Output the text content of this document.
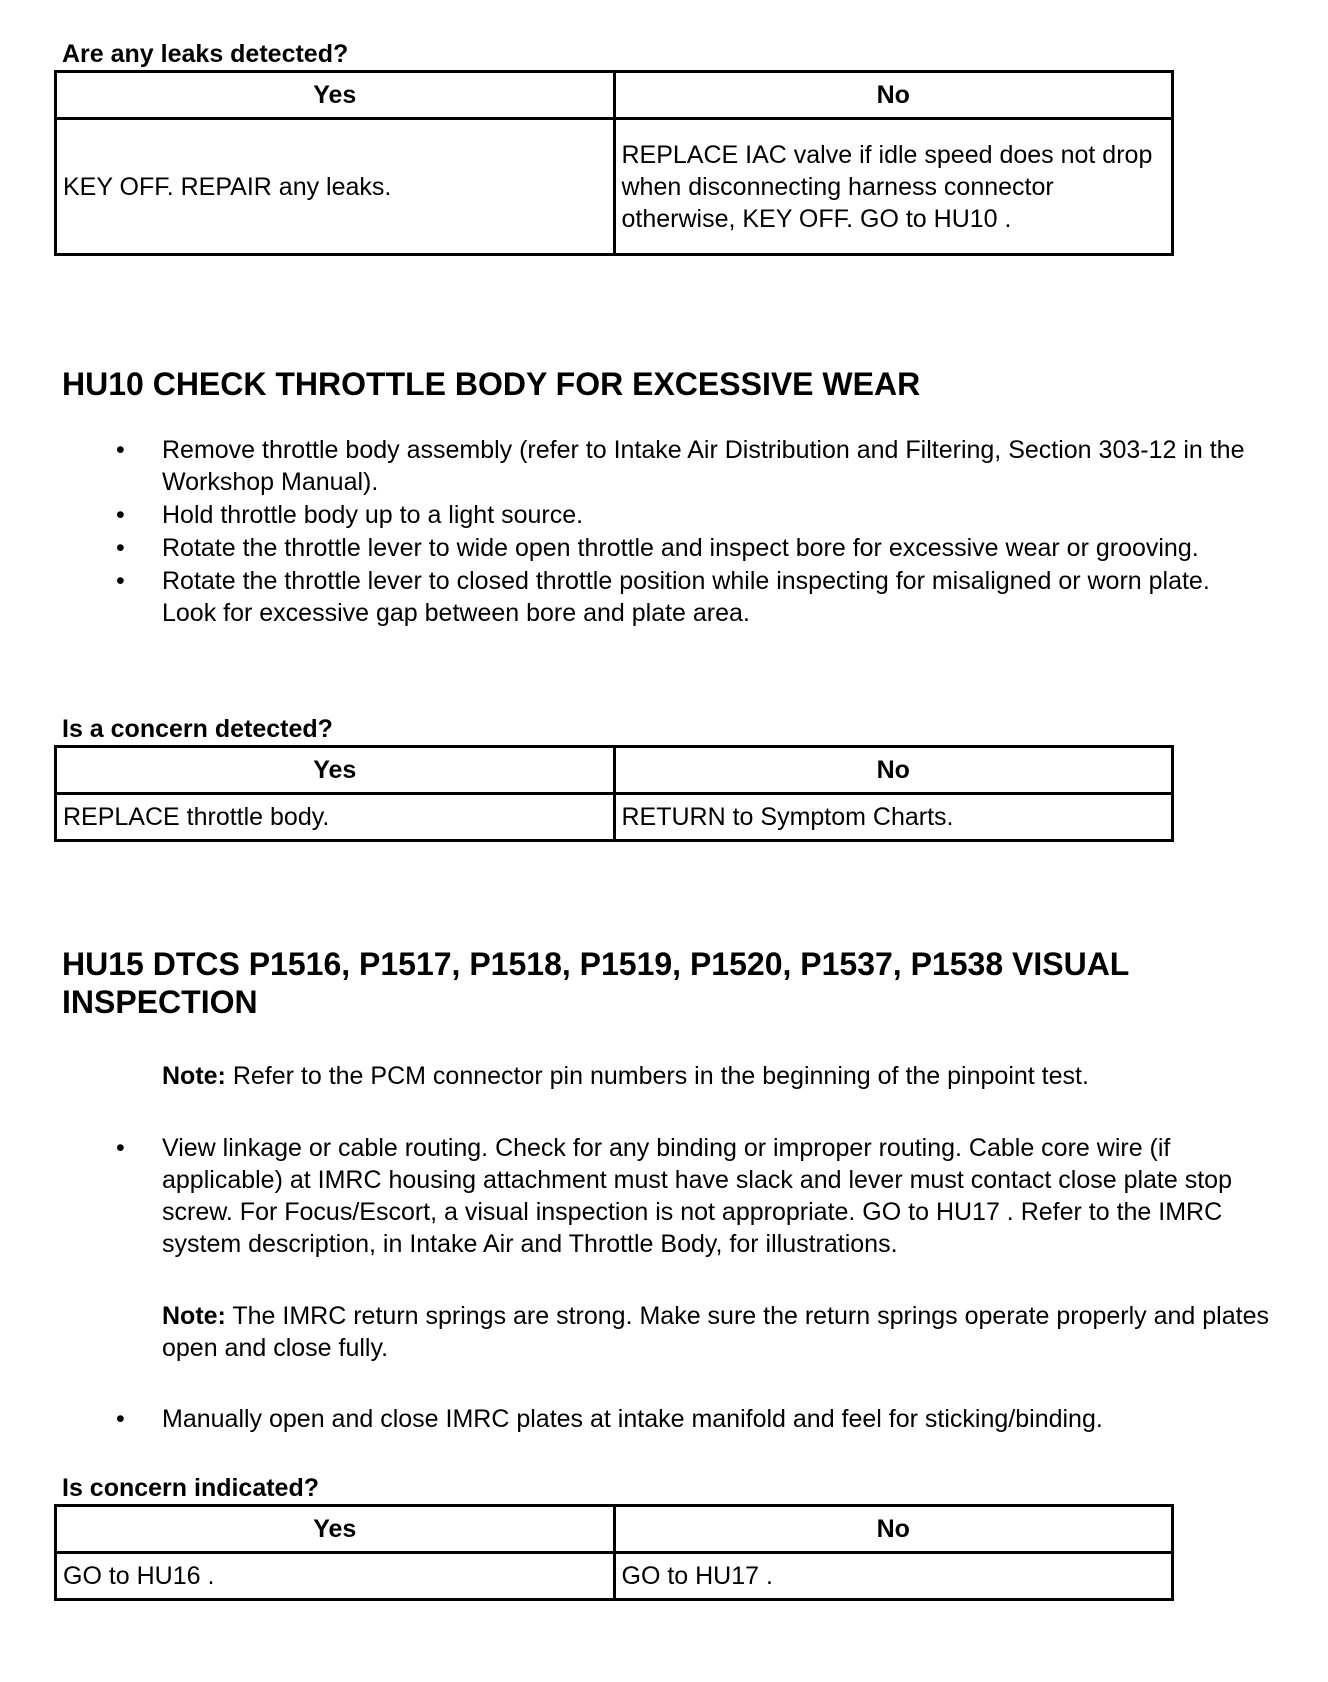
Are any leaks detected?
Yes	No
KEY OFF. REPAIR any leaks.	REPLACE IAC valve if idle speed does not drop when disconnecting harness connector otherwise, KEY OFF. GO to HU10 .
HU10 CHECK THROTTLE BODY FOR EXCESSIVE WEAR
• Remove throttle body assembly (refer to Intake Air Distribution and Filtering, Section 303-12 in the Workshop Manual).
• Hold throttle body up to a light source.
• Rotate the throttle lever to wide open throttle and inspect bore for excessive wear or grooving.
• Rotate the throttle lever to closed throttle position while inspecting for misaligned or worn plate. Look for excessive gap between bore and plate area.
Is a concern detected?
Yes	No
REPLACE throttle body.	RETURN to Symptom Charts.
HU15 DTCS P1516, P1517, P1518, P1519, P1520, P1537, P1538 VISUAL
INSPECTION
Note: Refer to the PCM connector pin numbers in the beginning of the pinpoint test.
• View linkage or cable routing. Check for any binding or improper routing. Cable core wire (if applicable) at IMRC housing attachment must have slack and lever must contact close plate stop screw. For Focus/Escort, a visual inspection is not appropriate. GO to HU17 . Refer to the IMRC system description, in Intake Air and Throttle Body, for illustrations.
Note: The IMRC return springs are strong. Make sure the return springs operate properly and plates open and close fully.
• Manually open and close IMRC plates at intake manifold and feel for sticking/binding.
Is concern indicated?
Yes	No
GO to HU16 .	GO to HU17 .
